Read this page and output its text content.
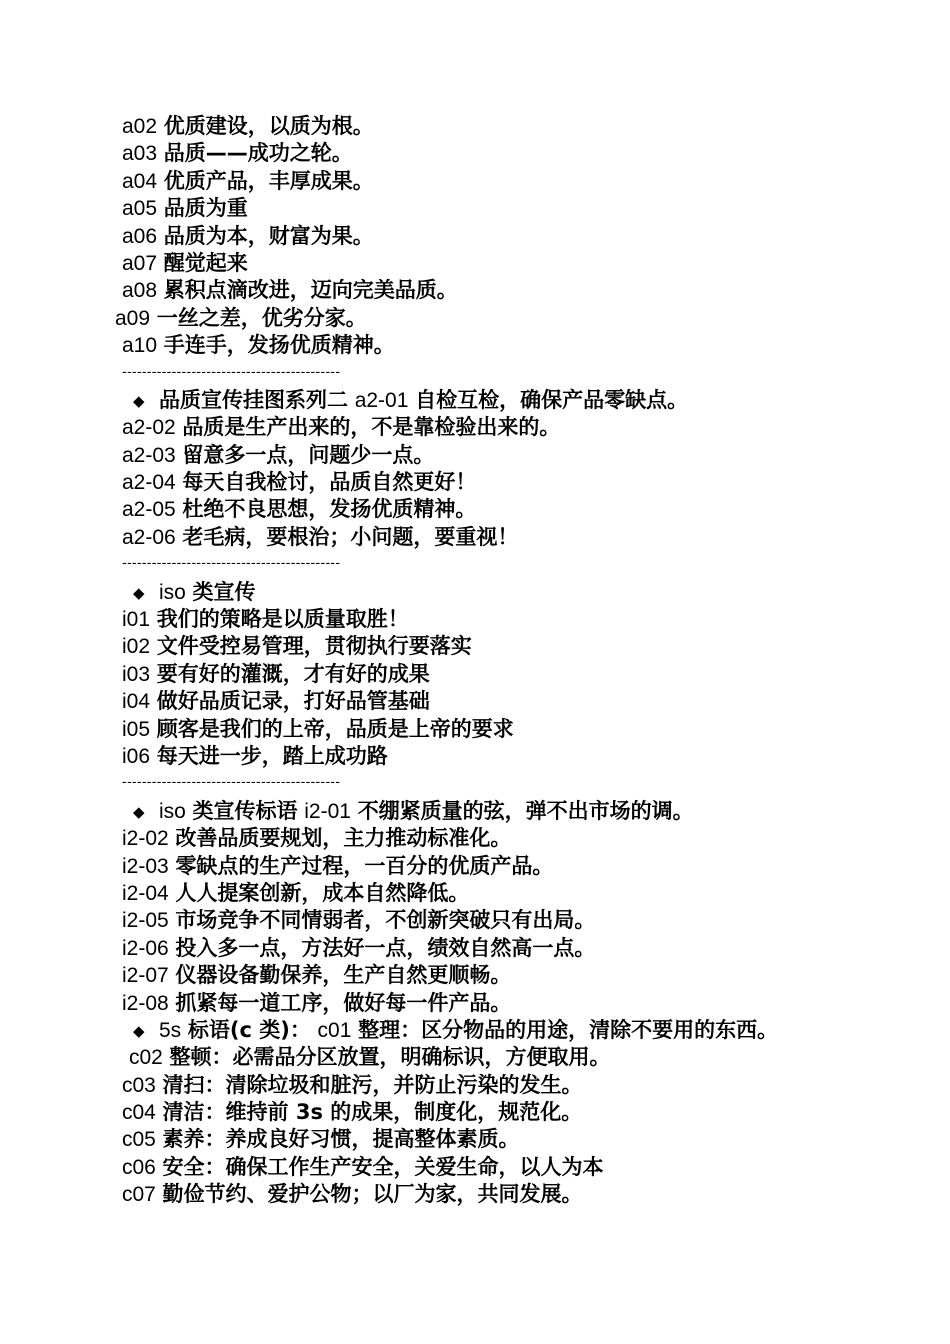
a02 优质建设，以质为根。
a03 品质——成功之轮。
a04 优质产品，丰厚成果。
a05 品质为重
a06 品质为本，财富为果。
a07 醒觉起来
a08 累积点滴改进，迈向完美品质。
a09 一丝之差，优劣分家。
a10 手连手，发扬优质精神。
--------------------------------------------
◆ 品质宣传挂图系列二 a2-01 自检互检，确保产品零缺点。
a2-02 品质是生产出来的，不是靠检验出来的。
a2-03 留意多一点，问题少一点。
a2-04 每天自我检讨，品质自然更好！
a2-05 杜绝不良思想，发扬优质精神。
a2-06 老毛病，要根治；小问题，要重视！
--------------------------------------------
◆ iso 类宣传
i01 我们的策略是以质量取胜！
i02 文件受控易管理，贯彻执行要落实
i03 要有好的灌溉，才有好的成果
i04 做好品质记录，打好品管基础
i05 顾客是我们的上帝，品质是上帝的要求
i06 每天进一步，踏上成功路
--------------------------------------------
◆ iso 类宣传标语 i2-01 不绷紧质量的弦，弹不出市场的调。
i2-02 改善品质要规划，主力推动标准化。
i2-03 零缺点的生产过程，一百分的优质产品。
i2-04 人人提案创新，成本自然降低。
i2-05 市场竞争不同情弱者，不创新突破只有出局。
i2-06 投入多一点，方法好一点，绩效自然高一点。
i2-07 仪器设备勤保养，生产自然更顺畅。
i2-08 抓紧每一道工序，做好每一件产品。
◆ 5s 标语(c 类)： c01 整理：区分物品的用途，清除不要用的东西。
c02 整顿：必需品分区放置，明确标识，方便取用。
c03 清扫：清除垃圾和脏污，并防止污染的发生。
c04 清洁：维持前 3s 的成果，制度化，规范化。
c05 素养：养成良好习惯，提高整体素质。
c06 安全：确保工作生产安全，关爱生命，以人为本
c07 勤俭节约、爱护公物；以厂为家，共同发展。
